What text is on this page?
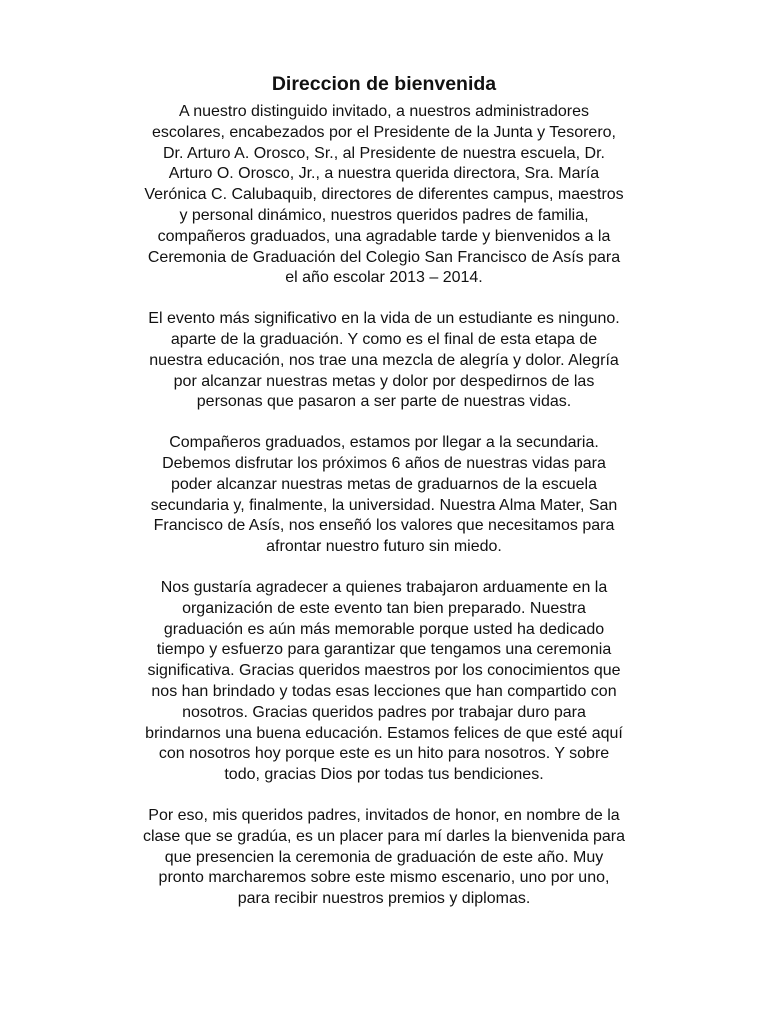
Direccion de bienvenida
A nuestro distinguido invitado, a nuestros administradores
escolares, encabezados por el Presidente de la Junta y Tesorero,
Dr. Arturo A. Orosco, Sr., al Presidente de nuestra escuela, Dr.
Arturo O. Orosco, Jr., a nuestra querida directora, Sra. María
Verónica C. Calubaquib, directores de diferentes campus, maestros
y personal dinámico, nuestros queridos padres de familia,
compañeros graduados, una agradable tarde y bienvenidos a la
Ceremonia de Graduación del Colegio San Francisco de Asís para
el año escolar 2013 – 2014.
El evento más significativo en la vida de un estudiante es ninguno.
aparte de la graduación. Y como es el final de esta etapa de
nuestra educación, nos trae una mezcla de alegría y dolor. Alegría
por alcanzar nuestras metas y dolor por despedirnos de las
personas que pasaron a ser parte de nuestras vidas.
Compañeros graduados, estamos por llegar a la secundaria.
Debemos disfrutar los próximos 6 años de nuestras vidas para
poder alcanzar nuestras metas de graduarnos de la escuela
secundaria y, finalmente, la universidad. Nuestra Alma Mater, San
Francisco de Asís, nos enseñó los valores que necesitamos para
afrontar nuestro futuro sin miedo.
Nos gustaría agradecer a quienes trabajaron arduamente en la
organización de este evento tan bien preparado. Nuestra
graduación es aún más memorable porque usted ha dedicado
tiempo y esfuerzo para garantizar que tengamos una ceremonia
significativa. Gracias queridos maestros por los conocimientos que
nos han brindado y todas esas lecciones que han compartido con
nosotros. Gracias queridos padres por trabajar duro para
brindarnos una buena educación. Estamos felices de que esté aquí
con nosotros hoy porque este es un hito para nosotros. Y sobre
todo, gracias Dios por todas tus bendiciones.
Por eso, mis queridos padres, invitados de honor, en nombre de la
clase que se gradúa, es un placer para mí darles la bienvenida para
que presencien la ceremonia de graduación de este año. Muy
pronto marcharemos sobre este mismo escenario, uno por uno,
para recibir nuestros premios y diplomas.
